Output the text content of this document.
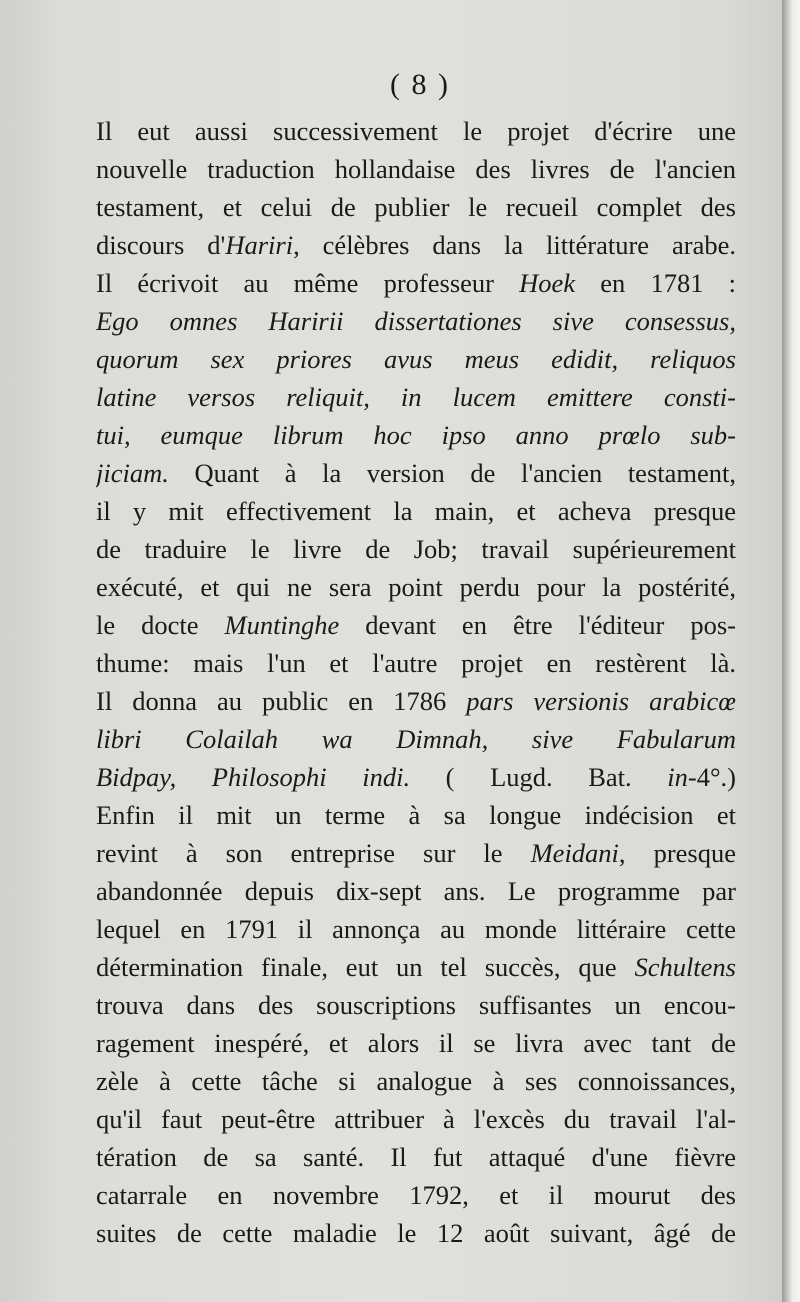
( 8 )
Il eut aussi successivement le projet d'écrire une
nouvelle traduction hollandaise des livres de l'ancien
testament, et celui de publier le recueil complet des
discours d'Hariri, célèbres dans la littérature arabe.
Il écrivoit au même professeur Hoek en 1781 :
Ego omnes Haririi dissertationes sive consessus,
quorum sex priores avus meus edidit, reliquos
latine versos reliquit, in lucem emittere consti-
tui, eumque librum hoc ipso anno prœlo sub-
jiciam. Quant à la version de l'ancien testament,
il y mit effectivement la main, et acheva presque
de traduire le livre de Job; travail supérieurement
exécuté, et qui ne sera point perdu pour la postérité,
le docte Muntinghe devant en être l'éditeur pos-
thume: mais l'un et l'autre projet en restèrent là.
Il donna au public en 1786 pars versionis arabicœ
libri Colailah wa Dimnah, sive Fabularum
Bidpay, Philosophi indi. ( Lugd. Bat. in-4°.)
Enfin il mit un terme à sa longue indécision et
revint à son entreprise sur le Meidani, presque
abandonnée depuis dix-sept ans. Le programme par
lequel en 1791 il annonça au monde littéraire cette
détermination finale, eut un tel succès, que Schultens
trouva dans des souscriptions suffisantes un encou-
ragement inespéré, et alors il se livra avec tant de
zèle à cette tâche si analogue à ses connoissances,
qu'il faut peut-être attribuer à l'excès du travail l'al-
tération de sa santé. Il fut attaqué d'une fièvre
catarrale en novembre 1792, et il mourut des
suites de cette maladie le 12 août suivant, âgé de
